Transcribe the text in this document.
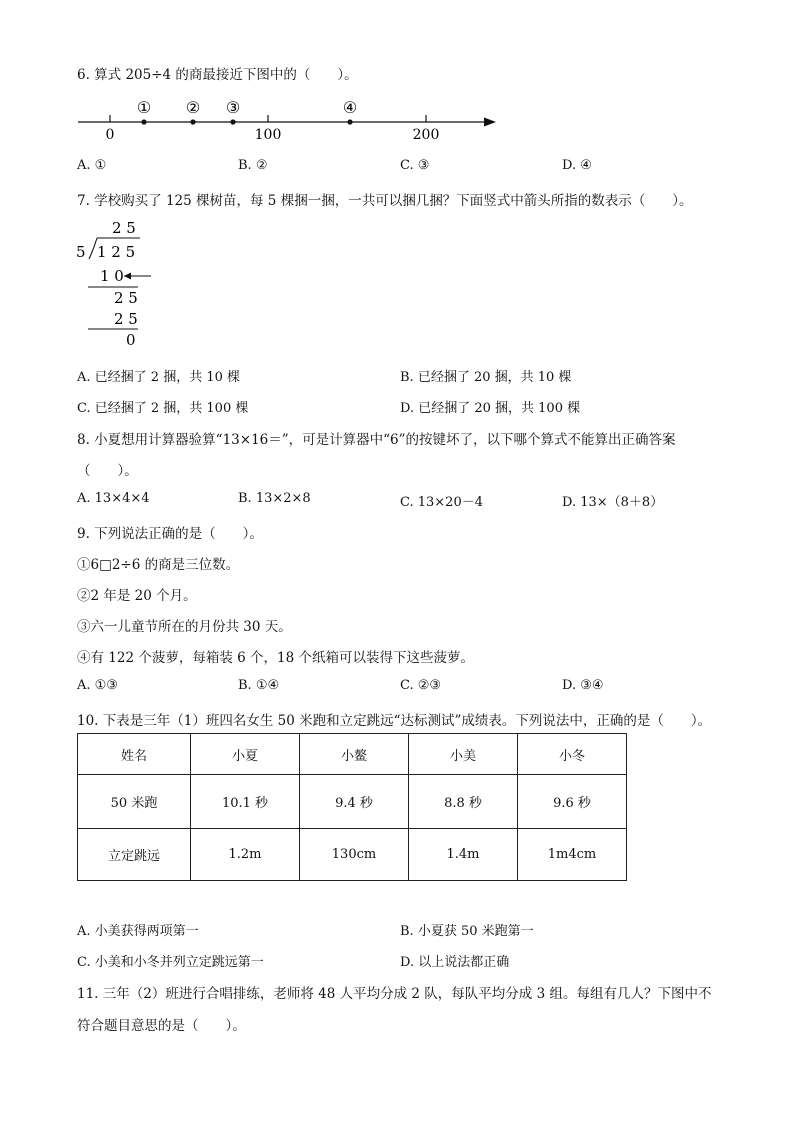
6. 算式 205÷4 的商最接近下图中的（　　）。
0	100	200
① ② ③	④
A. ①	B. ②	C. ③	D. ④
7. 学校购买了 125 棵树苗，每 5 棵捆一捆，一共可以捆几捆？下面竖式中箭头所指的数表示（　　）。
2 5
5 1 2 5
1 0
2 5
2 5
0
A. 已经捆了 2 捆，共 10 棵	B. 已经捆了 20 捆，共 10 棵
C. 已经捆了 2 捆，共 100 棵	D. 已经捆了 20 捆，共 100 棵
8. 小夏想用计算器验算“13×16＝”，可是计算器中“6”的按键坏了，以下哪个算式不能算出正确答案
（　　）。
A. 13×4×4	B. 13×2×8	C. 13×20－4	D. 13×（8＋8）
9. 下列说法正确的是（　　）。
①6□2÷6 的商是三位数。
②2 年是 20 个月。
③六一儿童节所在的月份共 30 天。
④有 122 个菠萝，每箱装 6 个，18 个纸箱可以装得下这些菠萝。
A. ①③	B. ①④	C. ②③	D. ③④
10. 下表是三年（1）班四名女生 50 米跑和立定跳远“达标测试”成绩表。下列说法中，正确的是（　　）。
姓名	小夏	小鳌	小美	小冬
50 米跑	10.1 秒	9.4 秒	8.8 秒	9.6 秒
立定跳远	1.2m	130cm	1.4m	1m4cm
A. 小美获得两项第一	B. 小夏获 50 米跑第一
C. 小美和小冬并列立定跳远第一	D. 以上说法都正确
11. 三年（2）班进行合唱排练，老师将 48 人平均分成 2 队，每队平均分成 3 组。每组有几人？下图中不
符合题目意思的是（　　）。
